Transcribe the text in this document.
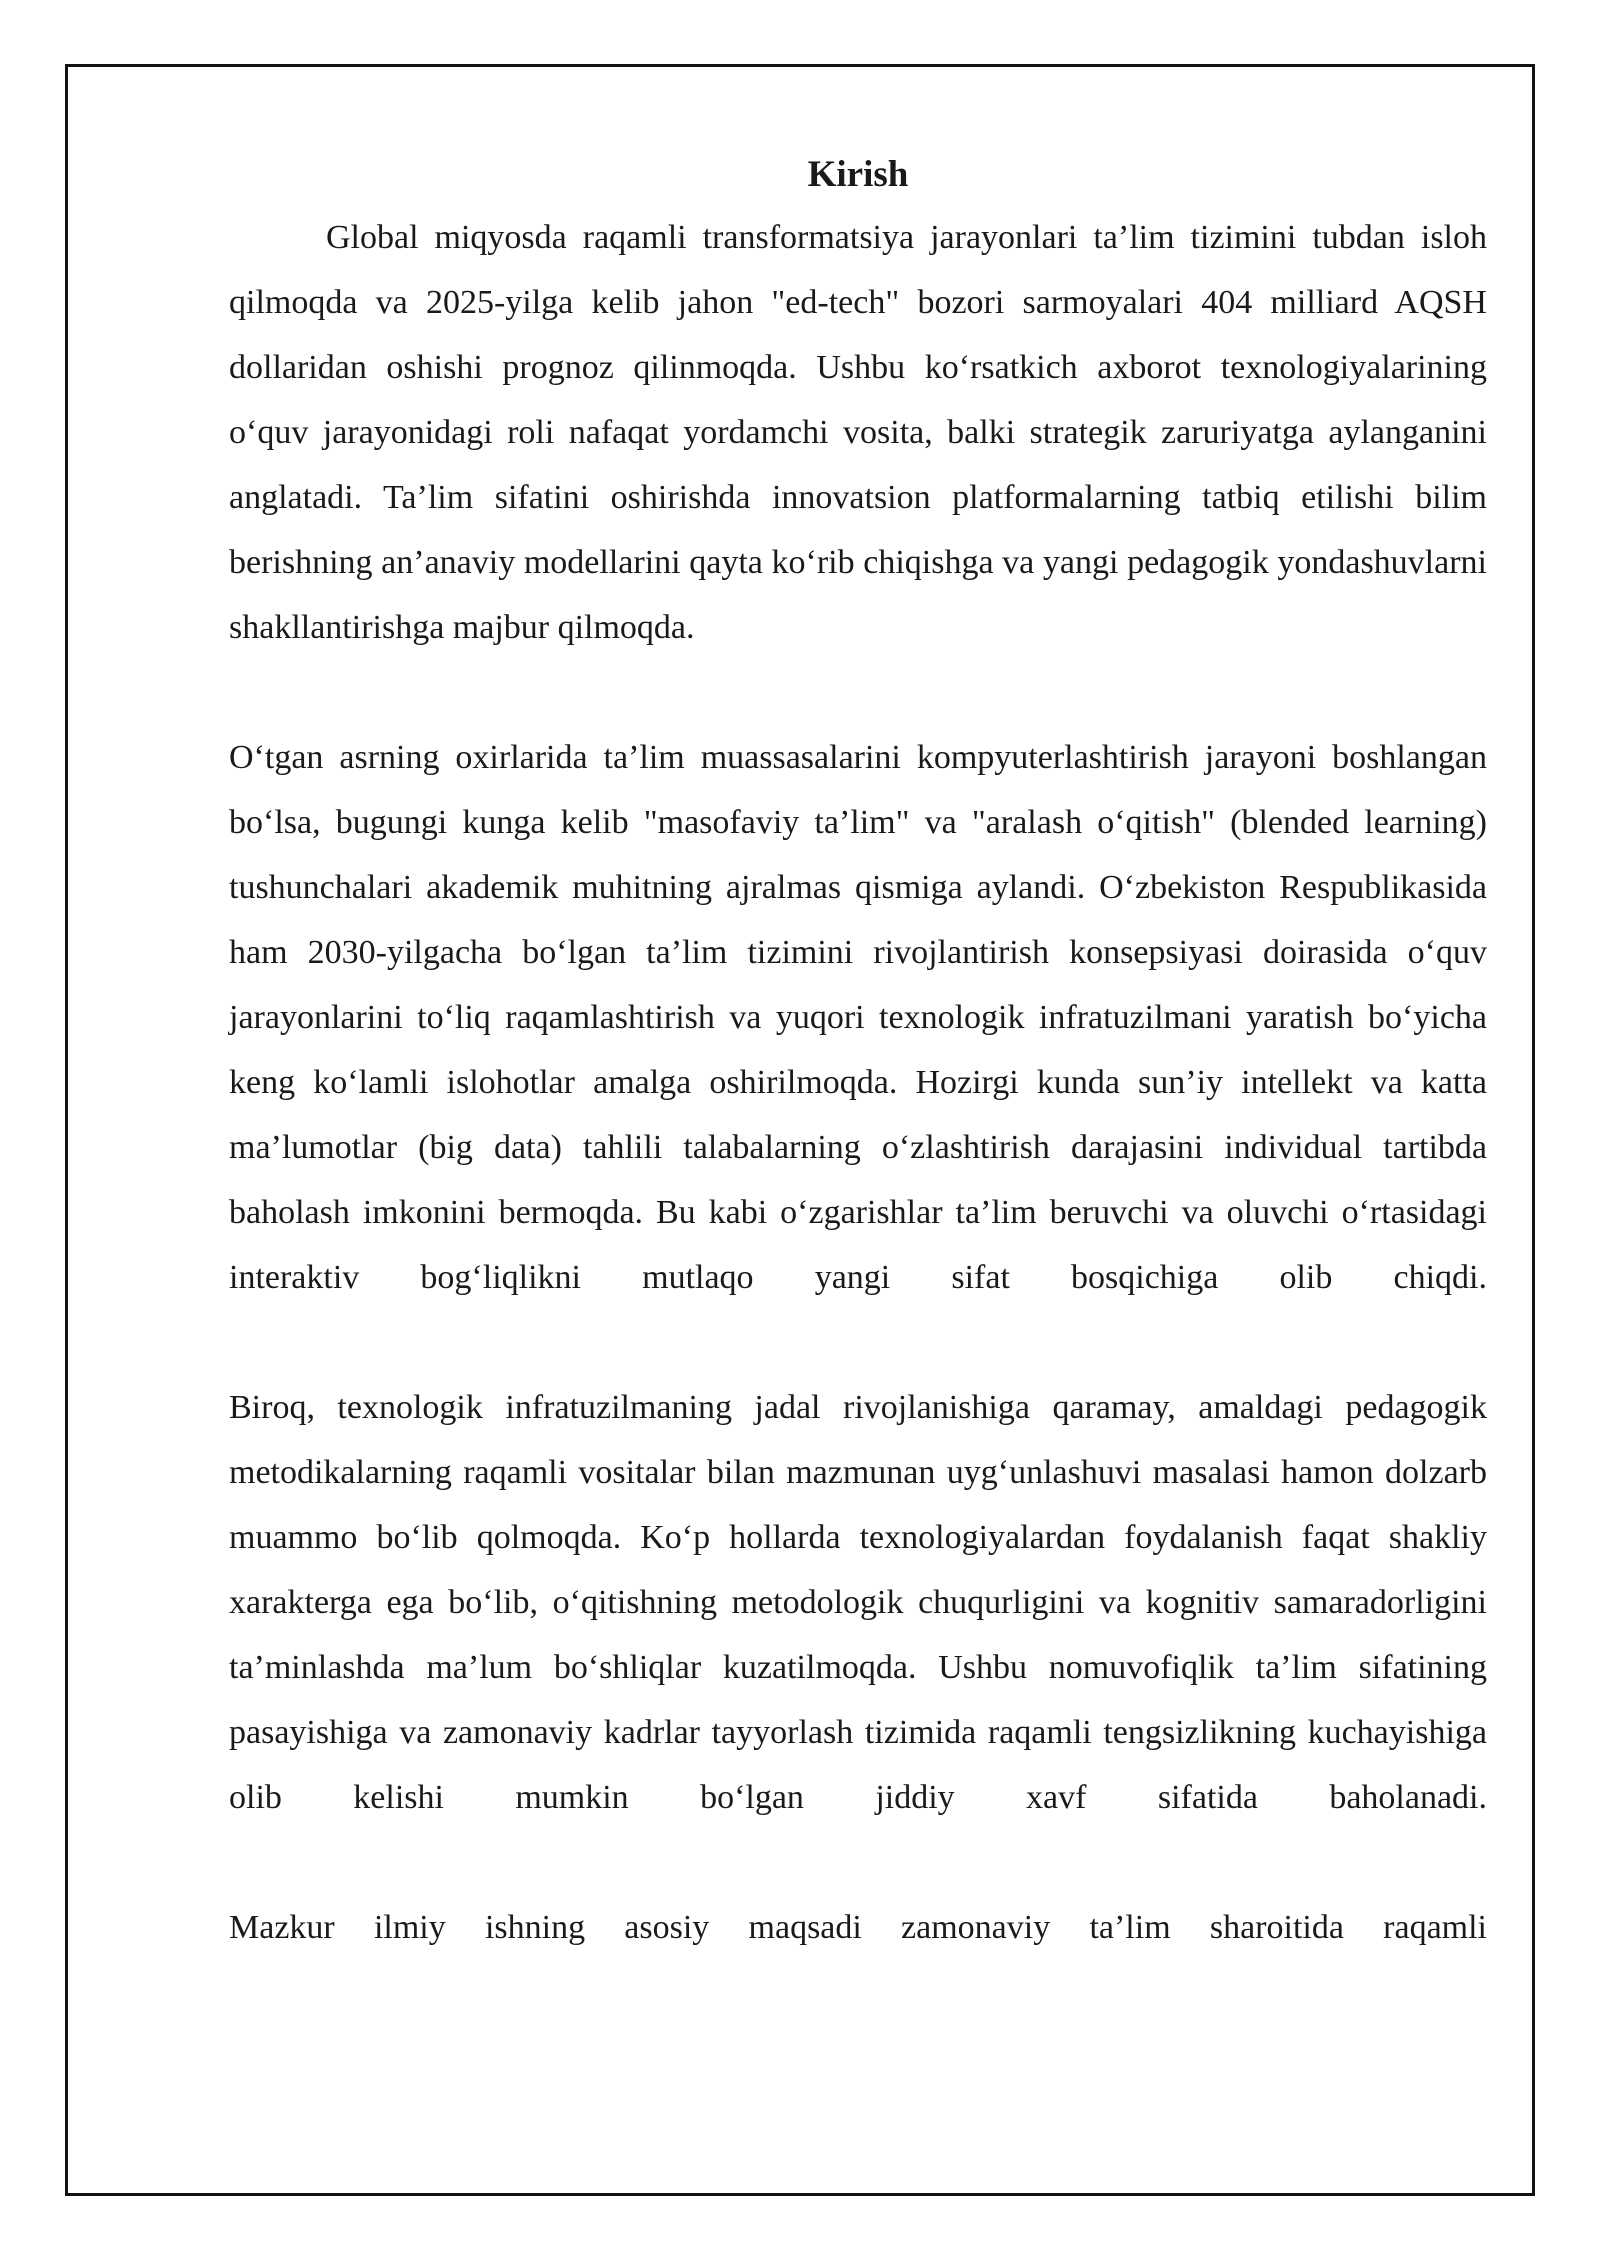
Kirish

Global miqyosda raqamli transformatsiya jarayonlari ta’lim tizimini tubdan isloh qilmoqda va 2025-yilga kelib jahon "ed-tech" bozori sarmoyalari 404 milliard AQSH dollaridan oshishi prognoz qilinmoqda. Ushbu koʻrsatkich axborot texnologiyalarining oʻquv jarayonidagi roli nafaqat yordamchi vosita, balki strategik zaruriyatga aylanganini anglatadi. Ta’lim sifatini oshirishda innovatsion platformalarning tatbiq etilishi bilim berishning an’anaviy modellarini qayta koʻrib chiqishga va yangi pedagogik yondashuvlarni shakllantirishga majbur qilmoqda.

Oʻtgan asrning oxirlarida ta’lim muassasalarini kompyuterlashtirish jarayoni boshlangan boʻlsa, bugungi kunga kelib "masofaviy ta’lim" va "aralash oʻqitish" (blended learning) tushunchalari akademik muhitning ajralmas qismiga aylandi. Oʻzbekiston Respublikasida ham 2030-yilgacha boʻlgan ta’lim tizimini rivojlantirish konsepsiyasi doirasida oʻquv jarayonlarini toʻliq raqamlashtirish va yuqori texnologik infratuzilmani yaratish boʻyicha keng koʻlamli islohotlar amalga oshirilmoqda. Hozirgi kunda sun’iy intellekt va katta ma’lumotlar (big data) tahlili talabalarning oʻzlashtirish darajasini individual tartibda baholash imkonini bermoqda. Bu kabi oʻzgarishlar ta’lim beruvchi va oluvchi oʻrtasidagi interaktiv bogʻliqlikni mutlaqo yangi sifat bosqichiga olib chiqdi.

Biroq, texnologik infratuzilmaning jadal rivojlanishiga qaramay, amaldagi pedagogik metodikalarning raqamli vositalar bilan mazmunan uygʻunlashuvi masalasi hamon dolzarb muammo boʻlib qolmoqda. Koʻp hollarda texnologiyalardan foydalanish faqat shakliy xarakterga ega boʻlib, oʻqitishning metodologik chuqurligini va kognitiv samaradorligini ta’minlashda ma’lum boʻshliqlar kuzatilmoqda. Ushbu nomuvofiqlik ta’lim sifatining pasayishiga va zamonaviy kadrlar tayyorlash tizimida raqamli tengsizlikning kuchayishiga olib kelishi mumkin boʻlgan jiddiy xavf sifatida baholanadi.

Mazkur ilmiy ishning asosiy maqsadi zamonaviy ta’lim sharoitida raqamli
